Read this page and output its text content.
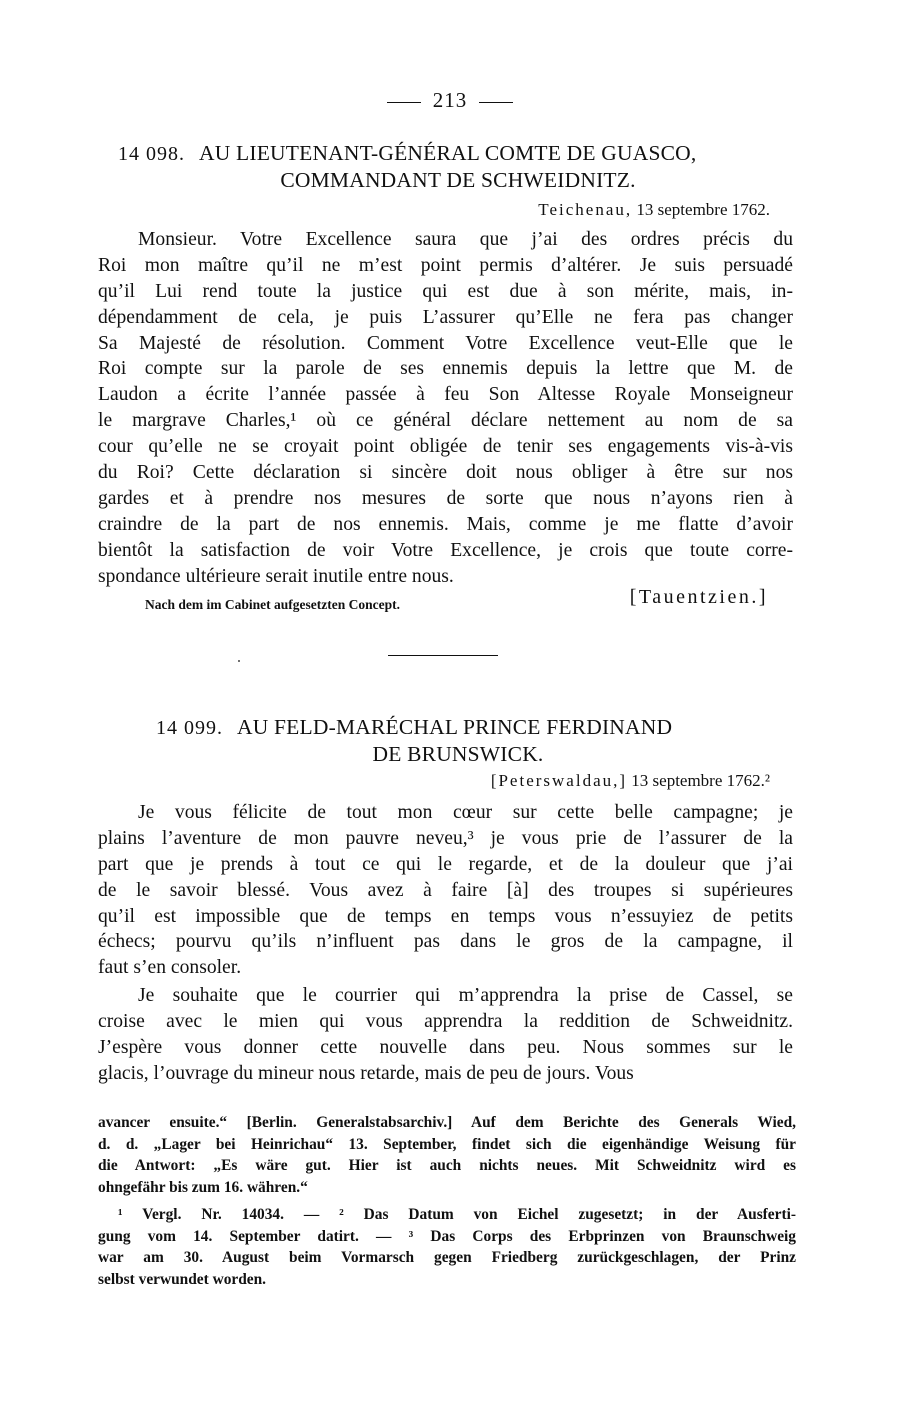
213
14 098. AU LIEUTENANT-GÉNÉRAL COMTE DE GUASCO,
COMMANDANT DE SCHWEIDNITZ.
Teichenau, 13 septembre 1762.
Monsieur. Votre Excellence saura que j’ai des ordres précis du
Roi mon maître qu’il ne m’est point permis d’altérer. Je suis persuadé
qu’il Lui rend toute la justice qui est due à son mérite, mais, in-
dépendamment de cela, je puis L’assurer qu’Elle ne fera pas changer
Sa Majesté de résolution. Comment Votre Excellence veut-Elle que le
Roi compte sur la parole de ses ennemis depuis la lettre que M. de
Laudon a écrite l’année passée à feu Son Altesse Royale Monseigneur
le margrave Charles,¹ où ce général déclare nettement au nom de sa
cour qu’elle ne se croyait point obligée de tenir ses engagements vis-à-vis
du Roi? Cette déclaration si sincère doit nous obliger à être sur nos
gardes et à prendre nos mesures de sorte que nous n’ayons rien à
craindre de la part de nos ennemis. Mais, comme je me flatte d’avoir
bientôt la satisfaction de voir Votre Excellence, je crois que toute corre-
spondance ultérieure serait inutile entre nous.
Nach dem im Cabinet aufgesetzten Concept.	[Tauentzien.]
14 099. AU FELD-MARÉCHAL PRINCE FERDINAND
DE BRUNSWICK.
[Peterswaldau,] 13 septembre 1762.²
Je vous félicite de tout mon cœur sur cette belle campagne; je
plains l’aventure de mon pauvre neveu,³ je vous prie de l’assurer de la
part que je prends à tout ce qui le regarde, et de la douleur que j’ai
de le savoir blessé. Vous avez à faire [à] des troupes si supérieures
qu’il est impossible que de temps en temps vous n’essuyiez de petits
échecs; pourvu qu’ils n’influent pas dans le gros de la campagne, il
faut s’en consoler.
Je souhaite que le courrier qui m’apprendra la prise de Cassel, se
croise avec le mien qui vous apprendra la reddition de Schweidnitz.
J’espère vous donner cette nouvelle dans peu. Nous sommes sur le
glacis, l’ouvrage du mineur nous retarde, mais de peu de jours. Vous
avancer ensuite.“ [Berlin. Generalstabsarchiv.] Auf dem Berichte des Generals Wied,
d. d. „Lager bei Heinrichau“ 13. September, findet sich die eigenhändige Weisung für
die Antwort: „Es wäre gut. Hier ist auch nichts neues. Mit Schweidnitz wird es
ohngefähr bis zum 16. währen.“
¹ Vergl. Nr. 14034. — ² Das Datum von Eichel zugesetzt; in der Ausferti-
gung vom 14. September datirt. — ³ Das Corps des Erbprinzen von Braunschweig
war am 30. August beim Vormarsch gegen Friedberg zurückgeschlagen, der Prinz
selbst verwundet worden.
